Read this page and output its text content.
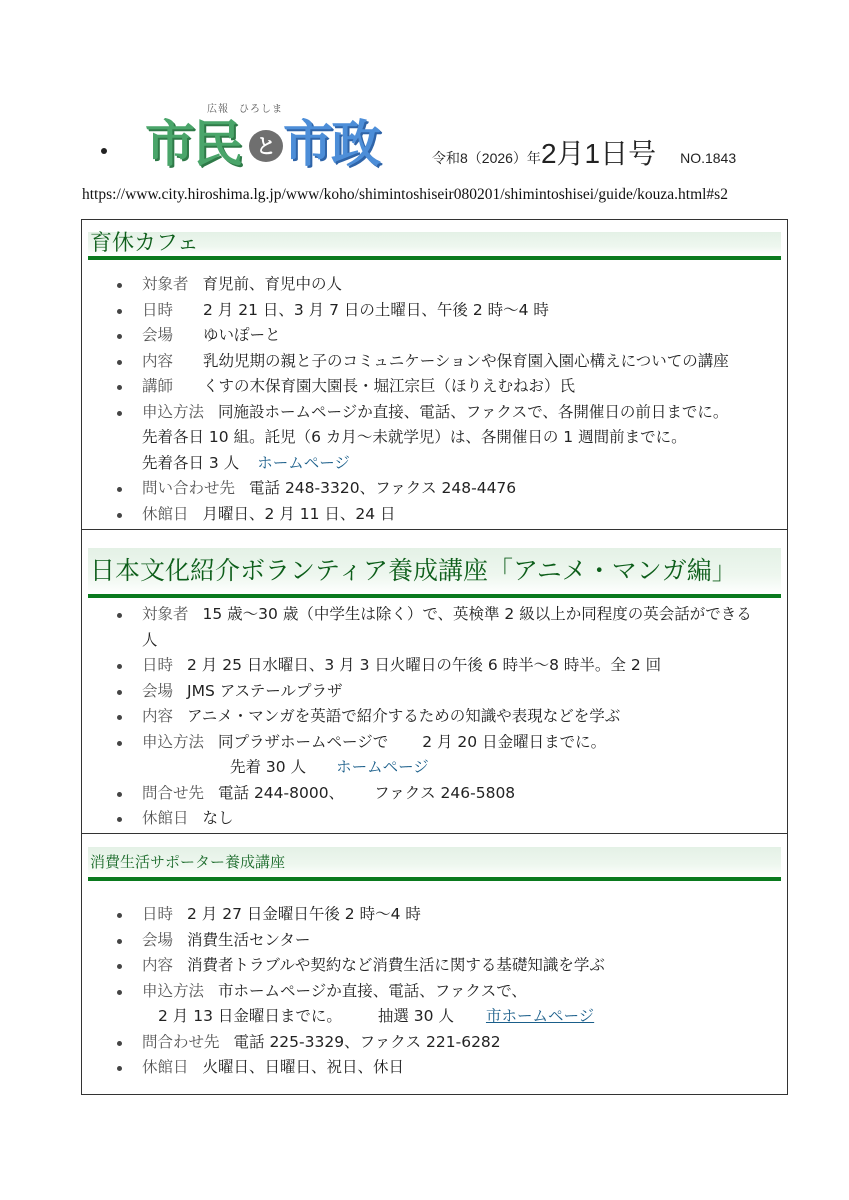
広報 ひろしま
市民 と 市政	令和8（2026）年2月1日号 NO.1843
https://www.city.hiroshima.lg.jp/www/koho/shimintoshiseir080201/shimintoshisei/guide/kouza.html#s2
育休カフェ
対象者 育児前、育児中の人
日時 2 月 21 日、3 月 7 日の土曜日、午後 2 時～4 時
会場 ゆいぽーと
内容 乳幼児期の親と子のコミュニケーションや保育園入園心構えについての講座
講師 くすの木保育園大園長・堀江宗巨（ほりえむねお）氏
申込方法 同施設ホームページか直接、電話、ファクスで、各開催日の前日までに。
先着各日 10 組。託児（6 カ月～未就学児）は、各開催日の 1 週間前までに。
先着各日 3 人 ホームページ
問い合わせ先 電話 248-3320、ファクス 248-4476
休館日 月曜日、2 月 11 日、24 日
日本文化紹介ボランティア養成講座「アニメ・マンガ編」
対象者 15 歳～30 歳（中学生は除く）で、英検準 2 級以上か同程度の英会話ができる
人
日時 2 月 25 日水曜日、3 月 3 日火曜日の午後 6 時半～8 時半。全 2 回
会場 JMS アステールプラザ
内容 アニメ・マンガを英語で紹介するための知識や表現などを学ぶ
申込方法 同プラザホームページで 2 月 20 日金曜日までに。
先着 30 人 ホームページ
問合せ先 電話 244-8000、 ファクス 246-5808
休館日 なし
消費生活サポーター養成講座
日時 2 月 27 日金曜日午後 2 時～4 時
会場 消費生活センター
内容 消費者トラブルや契約など消費生活に関する基礎知識を学ぶ
申込方法 市ホームページか直接、電話、ファクスで、
2 月 13 日金曜日までに。 抽選 30 人 市ホームページ
問合わせ先 電話 225-3329、ファクス 221-6282
休館日 火曜日、日曜日、祝日、休日
